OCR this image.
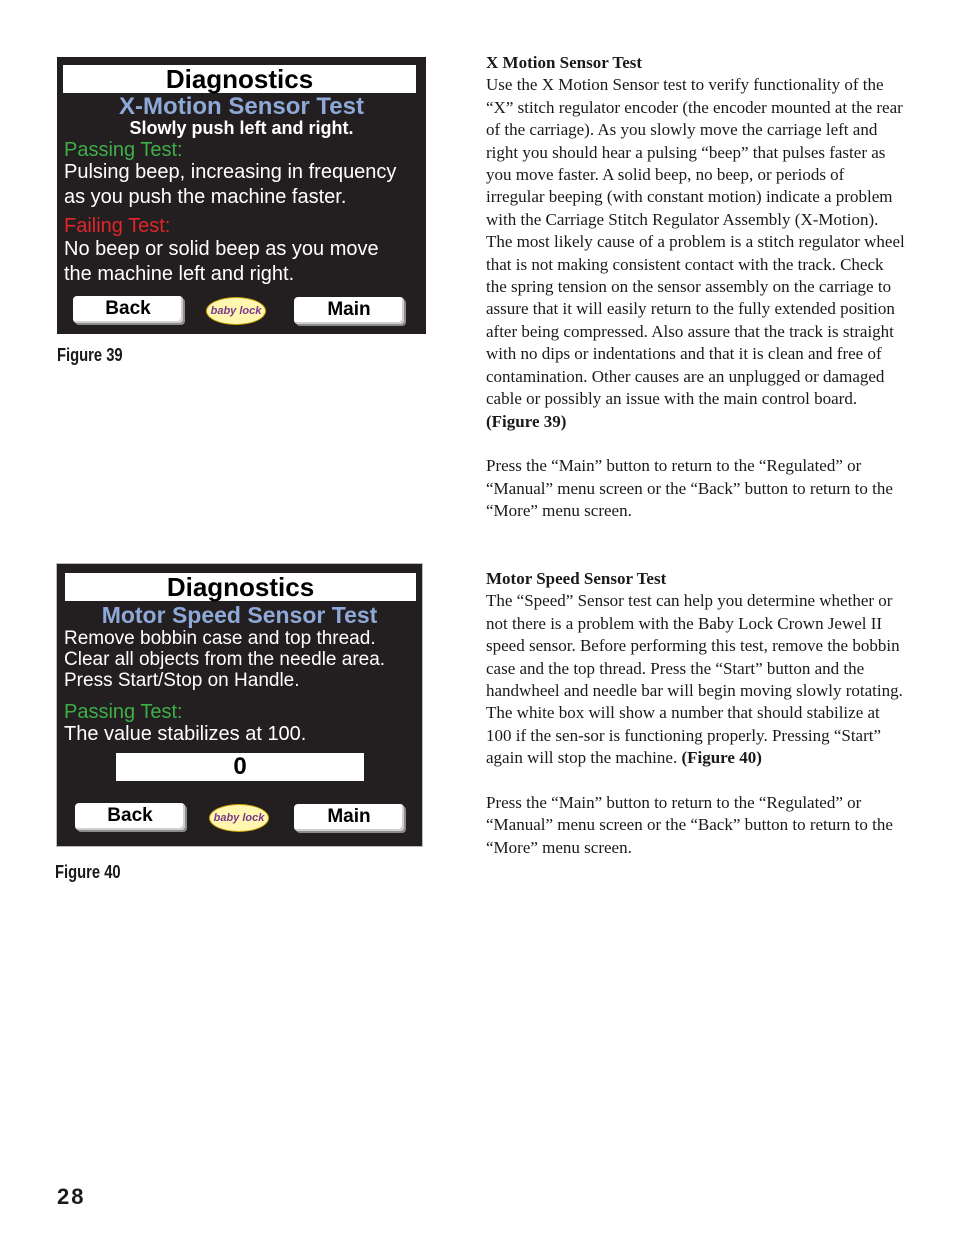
Diagnostics
X-Motion Sensor Test
Slowly push left and right.
Passing Test:
Pulsing beep, increasing in frequency
as you push the machine faster.
Failing Test:
No beep or solid beep as you move
the machine left and right.
Back	baby lock	Main
Figure 39
Diagnostics
Motor Speed Sensor Test
Remove bobbin case and top thread.
Clear all objects from the needle area.
Press Start/Stop on Handle.
Passing Test:
The value stabilizes at 100.
0
Back	baby lock	Main
Figure 40

X Motion Sensor Test

Use the X Motion Sensor test to verify functionality of the “X” stitch regulator encoder (the encoder mounted at the rear of the carriage). As you slowly move the carriage left and right you should hear a pulsing “beep” that pulses faster as you move faster. A solid beep, no beep, or periods of irregular beeping (with constant motion) indicate a problem with the Carriage Stitch Regulator Assembly (X-Motion). The most likely cause of a problem is a stitch regulator wheel that is not making consistent contact with the track. Check the spring tension on the sensor assembly on the carriage to assure that it will easily return to the fully extended position after being compressed. Also assure that the track is straight with no dips or indentations and that it is clean and free of contamination. Other causes are an unplugged or damaged cable or possibly an issue with the main control board. (Figure 39)

Press the “Main” button to return to the “Regulated” or “Manual” menu screen or the “Back” button to return to the “More” menu screen.

Motor Speed Sensor Test

The “Speed” Sensor test can help you determine whether or not there is a problem with the Baby Lock Crown Jewel II speed sensor. Before performing this test, remove the bobbin case and the top thread. Press the “Start” button and the handwheel and needle bar will begin moving slowly rotating. The white box will show a number that should stabilize at 100 if the sen-sor is functioning properly. Pressing “Start” again will stop the machine. (Figure 40)

Press the “Main” button to return to the “Regulated” or “Manual” menu screen or the “Back” button to return to the “More” menu screen.

28
